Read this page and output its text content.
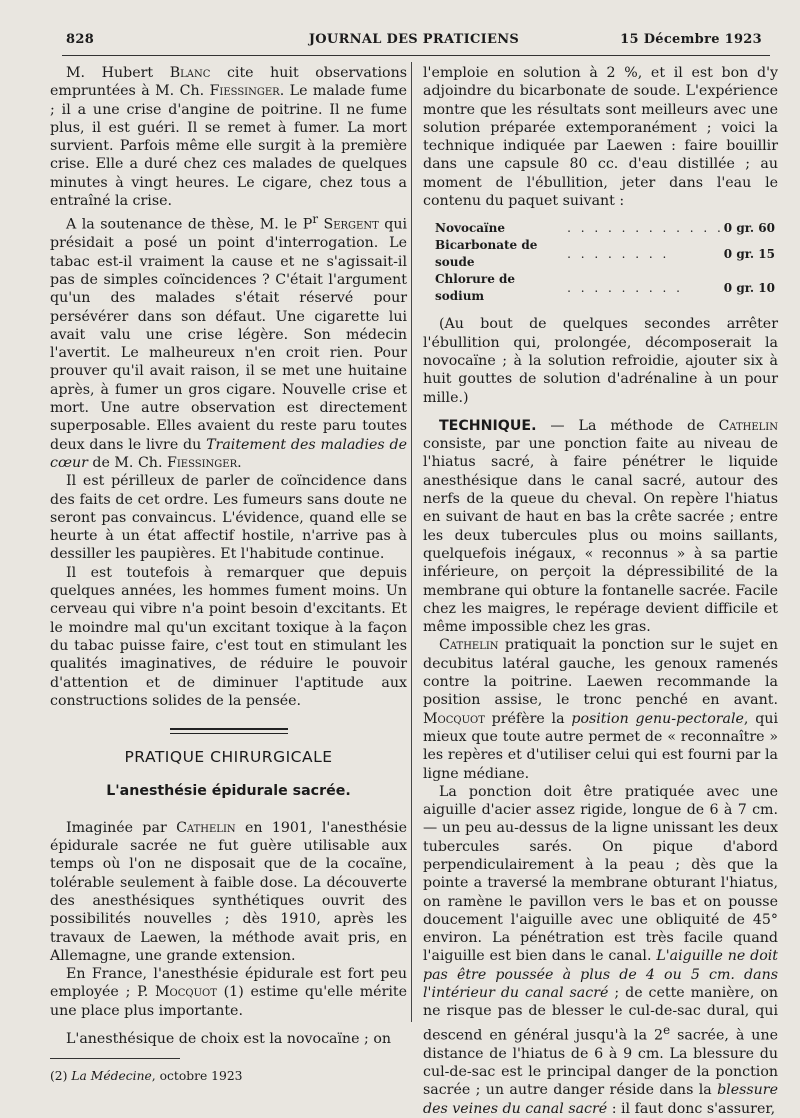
828	JOURNAL DES PRATICIENS	15 Décembre 1923

M. Hubert Blanc cite huit observations empruntées à M. Ch. Fiessinger. Le malade fume ; il a une crise d'angine de poitrine. Il ne fume plus, il est guéri. Il se remet à fumer. La mort survient. Parfois même elle surgit à la première crise. Elle a duré chez ces malades de quelques minutes à vingt heures. Le cigare, chez tous a entraîné la crise.

A la soutenance de thèse, M. le $P^r$ Sergent qui présidait a posé un point d'interrogation. Le tabac est-il vraiment la cause et ne s'agissait-il pas de simples coïncidences ? C'était l'argument qu'un des malades s'était réservé pour persévérer dans son défaut. Une cigarette lui avait valu une crise légère. Son médecin l'avertit. Le malheureux n'en croit rien. Pour prouver qu'il avait raison, il se met une huitaine après, à fumer un gros cigare. Nouvelle crise et mort. Une autre observation est directement superposable. Elles avaient du reste paru toutes deux dans le livre du Traitement des maladies de cœur de M. Ch. Fiessinger.

Il est périlleux de parler de coïncidence dans des faits de cet ordre. Les fumeurs sans doute ne seront pas convaincus. L'évidence, quand elle se heurte à un état affectif hostile, n'arrive pas à dessiller les paupières. Et l'habitude continue.

Il est toutefois à remarquer que depuis quelques années, les hommes fument moins. Un cerveau qui vibre n'a point besoin d'excitants. Et le moindre mal qu'un excitant toxique à la façon du tabac puisse faire, c'est tout en stimulant les qualités imaginatives, de réduire le pouvoir d'attention et de diminuer l'aptitude aux constructions solides de la pensée.

PRATIQUE CHIRURGICALE
L'anesthésie épidurale sacrée.

Imaginée par Cathelin en 1901, l'anesthésie épidurale sacrée ne fut guère utilisable aux temps où l'on ne disposait que de la cocaïne, tolérable seulement à faible dose. La découverte des anesthésiques synthétiques ouvrit des possibilités nouvelles ; dès 1910, après les travaux de Laewen, la méthode avait pris, en Allemagne, une grande extension.

En France, l'anesthésie épidurale est fort peu employée ; P. Mocquot (1) estime qu'elle mérite une place plus importante.

L'anesthésique de choix est la novocaïne ; on

(2) La Médecine, octobre 1923

l'emploie en solution à 2 %, et il est bon d'y adjoindre du bicarbonate de soude. L'expérience montre que les résultats sont meilleurs avec une solution préparée extemporanément ; voici la technique indiquée par Laewen : faire bouillir dans une capsule 80 cc. d'eau distillée ; au moment de l'ébullition, jeter dans l'eau le contenu du paquet suivant :

Novocaïne	. . . . . . . . . . . .	0 gr. 60
Bicarbonate de soude	. . . . . . . .	0 gr. 15
Chlorure de sodium	. . . . . . . . .	0 gr. 10

(Au bout de quelques secondes arrêter l'ébullition qui, prolongée, décomposerait la novocaïne ; à la solution refroidie, ajouter six à huit gouttes de solution d'adrénaline à un pour mille.)

TECHNIQUE. — La méthode de Cathelin consiste, par une ponction faite au niveau de l'hiatus sacré, à faire pénétrer le liquide anesthésique dans le canal sacré, autour des nerfs de la queue du cheval. On repère l'hiatus en suivant de haut en bas la crête sacrée ; entre les deux tubercules plus ou moins saillants, quelquefois inégaux, « reconnus » à sa partie inférieure, on perçoit la dépressibilité de la membrane qui obture la fontanelle sacrée. Facile chez les maigres, le repérage devient difficile et même impossible chez les gras.

Cathelin pratiquait la ponction sur le sujet en decubitus latéral gauche, les genoux ramenés contre la poitrine. Laewen recommande la position assise, le tronc penché en avant. Mocquot préfère la position genu-pectorale, qui mieux que toute autre permet de « reconnaître » les repères et d'utiliser celui qui est fourni par la ligne médiane.

La ponction doit être pratiquée avec une aiguille d'acier assez rigide, longue de 6 à 7 cm. — un peu au-dessus de la ligne unissant les deux tubercules sarés. On pique d'abord perpendiculairement à la peau ; dès que la pointe a traversé la membrane obturant l'hiatus, on ramène le pavillon vers le bas et on pousse doucement l'aiguille avec une obliquité de 45° environ. La pénétration est très facile quand l'aiguille est bien dans le canal. L'aiguille ne doit pas être poussée à plus de 4 ou 5 cm. dans l'intérieur du canal sacré ; de cette manière, on ne risque pas de blesser le cul-de-sac dural, qui descend en général jusqu'à la 2e sacrée, à une distance de l'hiatus de 6 à 9 cm. La blessure du cul-de-sac est le principal danger de la ponction sacrée ; un autre danger réside dans la blessure des veines du canal sacré : il faut donc s'assurer,
